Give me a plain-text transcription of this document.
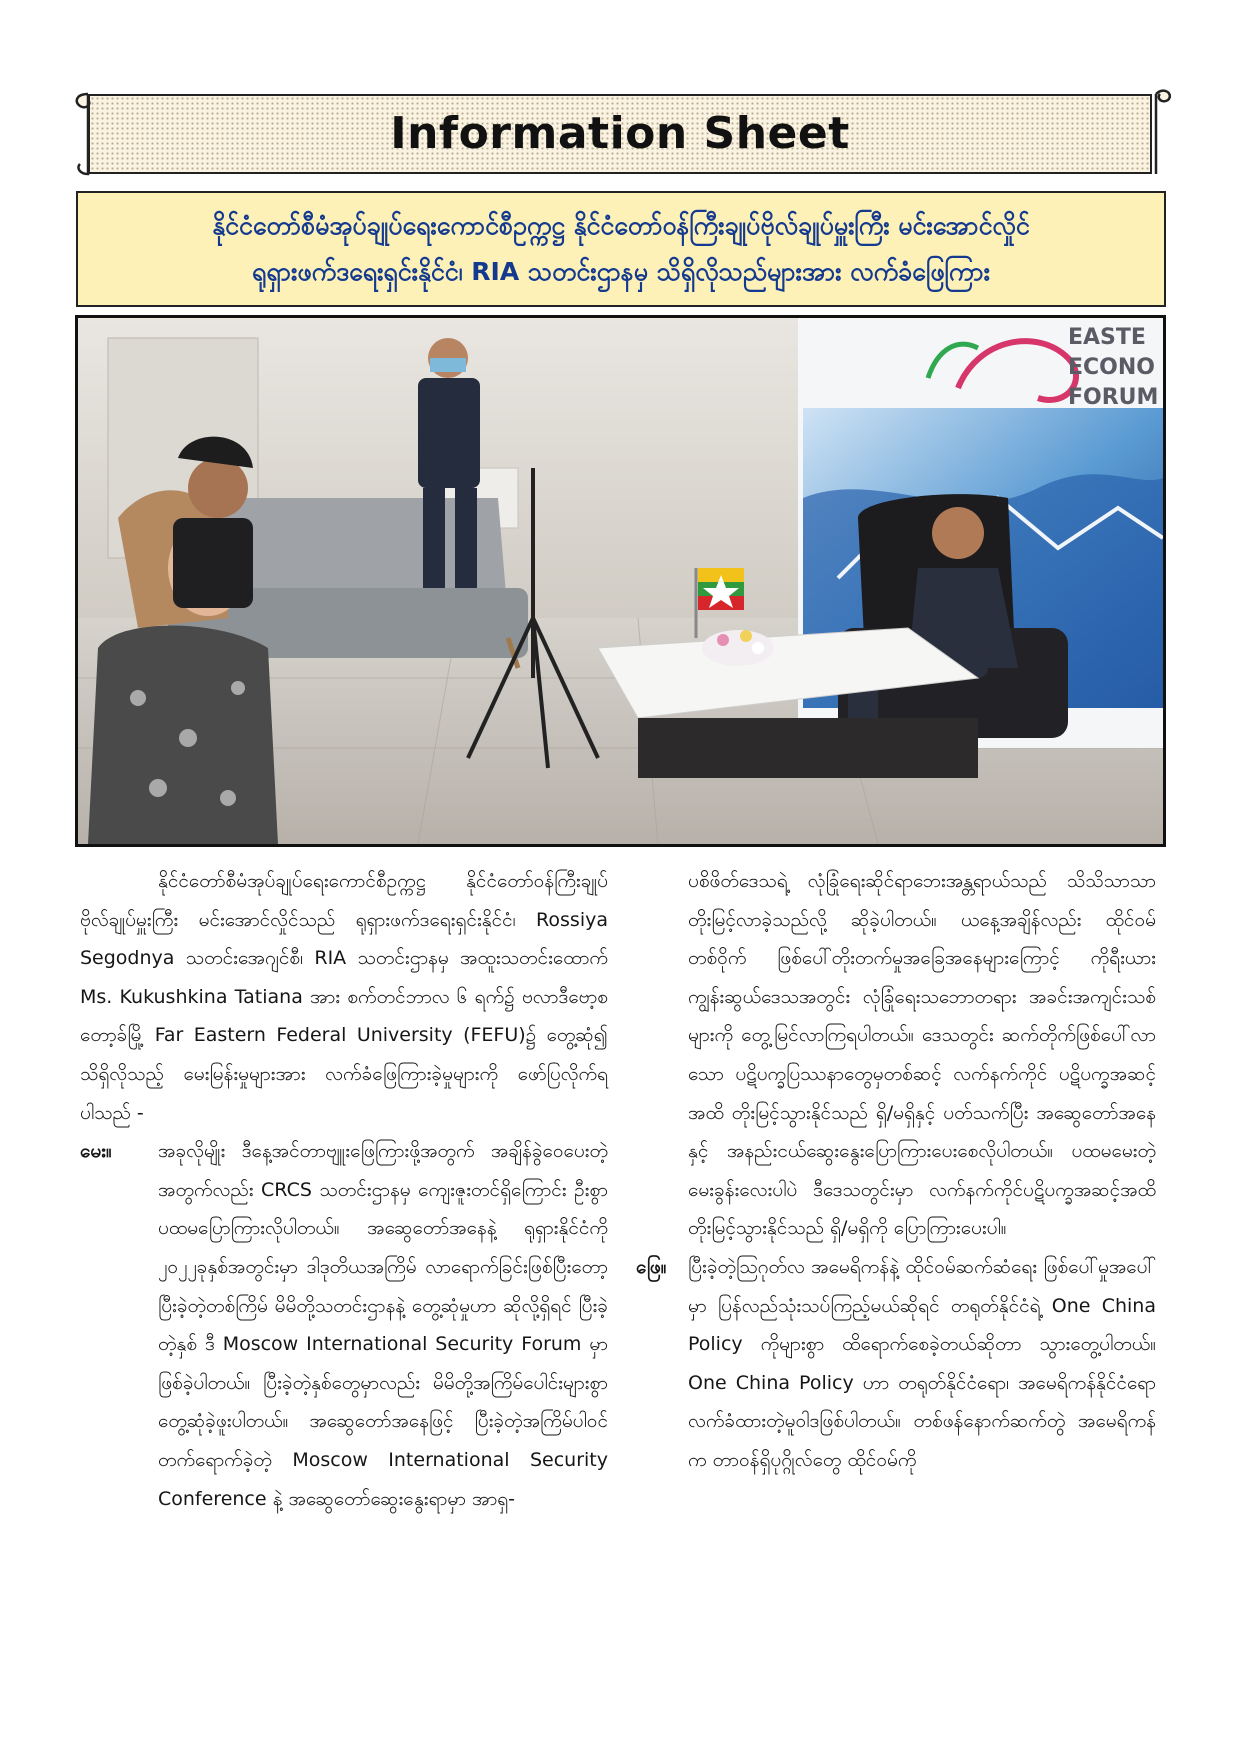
Information Sheet
နိုင်ငံတော်စီမံအုပ်ချုပ်ရေးကောင်စီဥက္ကဋ္ဌ နိုင်ငံတော်ဝန်ကြီးချုပ်ဗိုလ်ချုပ်မှူးကြီး မင်းအောင်လှိုင်
ရုရှားဖက်ဒရေးရှင်းနိုင်ငံ၊ RIA သတင်းဌာနမှ သိရှိလိုသည်များအား လက်ခံဖြေကြား
EASTE
ECONO
FORUM

နိုင်ငံတော်စီမံအုပ်ချုပ်ရေးကောင်စီဥက္ကဋ္ဌ နိုင်ငံတော်ဝန်ကြီးချုပ် ဗိုလ်ချုပ်မှူးကြီး မင်းအောင်လှိုင်သည် ရုရှားဖက်ဒရေးရှင်းနိုင်ငံ၊ Rossiya Segodnya သတင်းအေဂျင်စီ၊ RIA သတင်းဌာနမှ အထူးသတင်းထောက် Ms. Kukushkina Tatiana အား စက်တင်ဘာလ ၆ ရက်၌ ဗလာဒီဗော့စတော့ခ်မြို့ Far Eastern Federal University (FEFU)၌ တွေ့ဆုံ၍ သိရှိလိုသည့် မေးမြန်းမှုများအား လက်ခံဖြေကြားခဲ့မှုများကို ဖော်ပြလိုက်ရပါသည် -

မေး။	အခုလိုမျိုး ဒီနေ့အင်တာဗျူးဖြေကြားဖို့အတွက် အချိန်ခွဲဝေပေးတဲ့အတွက်လည်း CRCS သတင်းဌာနမှ ကျေးဇူးတင်ရှိကြောင်း ဦးစွာပထမပြောကြားလိုပါတယ်။ အဆွေတော်အနေနဲ့ ရုရှားနိုင်ငံကို ၂၀၂၂ခုနှစ်အတွင်းမှာ ဒါဒုတိယအကြိမ် လာရောက်ခြင်းဖြစ်ပြီးတော့ ပြီးခဲ့တဲ့တစ်ကြိမ် မိမိတို့သတင်းဌာနနဲ့ တွေ့ဆုံမှုဟာ ဆိုလို့ရှိရင် ပြီးခဲ့တဲ့နှစ် ဒီ Moscow International Security Forum မှာဖြစ်ခဲ့ပါတယ်။ ပြီးခဲ့တဲ့နှစ်တွေမှာလည်း မိမိတို့အကြိမ်ပေါင်းများစွာ တွေ့ဆုံခဲ့ဖူးပါတယ်။ အဆွေတော်အနေဖြင့် ပြီးခဲ့တဲ့အကြိမ်ပါဝင်တက်ရောက်ခဲ့တဲ့ Moscow International Security Conference နဲ့ အဆွေတော်ဆွေးနွေးရာမှာ အာရှ-

ပစိဖိတ်ဒေသရဲ့ လုံခြုံရေးဆိုင်ရာဘေးအန္တရာယ်သည် သိသိသာသာ တိုးမြင့်လာခဲ့သည်လို့ ဆိုခဲ့ပါတယ်။ ယနေ့အချိန်လည်း ထိုင်ဝမ်တစ်ဝိုက် ဖြစ်ပေါ်တိုးတက်မှုအခြေအနေများကြောင့် ကိုရီးယားကျွန်းဆွယ်ဒေသအတွင်း လုံခြုံရေးသဘောတရား အခင်းအကျင်းသစ်များကို တွေ့မြင်လာကြရပါတယ်။ ဒေသတွင်း ဆက်တိုက်ဖြစ်ပေါ်လာသော ပဋိပက္ခပြဿနာတွေမှတစ်ဆင့် လက်နက်ကိုင် ပဋိပက္ခအဆင့်အထိ တိုးမြင့်သွားနိုင်သည် ရှိ/မရှိနှင့် ပတ်သက်ပြီး အဆွေတော်အနေနှင့် အနည်းငယ်ဆွေးနွေးပြောကြားပေးစေလိုပါတယ်။ ပထမမေးတဲ့မေးခွန်းလေးပါပဲ ဒီဒေသတွင်းမှာ လက်နက်ကိုင်ပဋိပက္ခအဆင့်အထိ တိုးမြင့်သွားနိုင်သည် ရှိ/မရှိကို ပြောကြားပေးပါ။

ဖြေ။	ပြီးခဲ့တဲ့ဩဂုတ်လ အမေရိကန်နဲ့ ထိုင်ဝမ်ဆက်ဆံရေး ဖြစ်ပေါ်မှုအပေါ်မှာ ပြန်လည်သုံးသပ်ကြည့်မယ်ဆိုရင် တရုတ်နိုင်ငံရဲ့ One China Policy ကိုများစွာ ထိရောက်စေခဲ့တယ်ဆိုတာ သွားတွေ့ပါတယ်။ One China Policy ဟာ တရုတ်နိုင်ငံရော၊ အမေရိကန်နိုင်ငံရော လက်ခံထားတဲ့မူဝါဒဖြစ်ပါတယ်။ တစ်ဖန်နောက်ဆက်တွဲ အမေရိကန်က တာဝန်ရှိပုဂ္ဂိုလ်တွေ ထိုင်ဝမ်ကို
